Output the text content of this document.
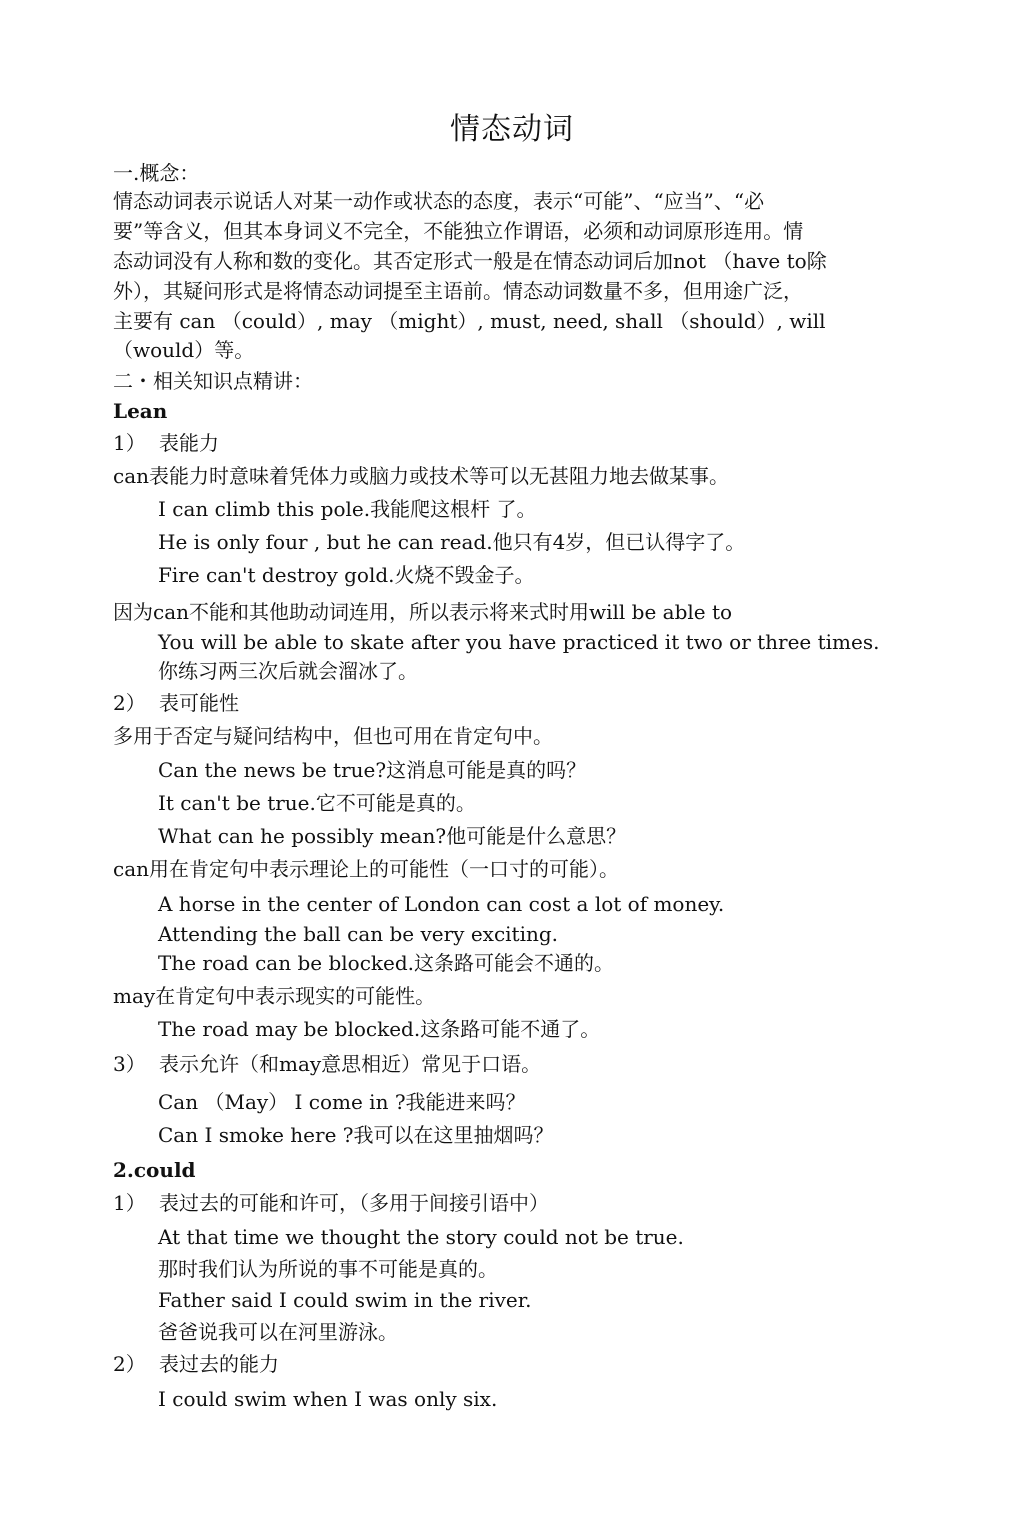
情态动词
一.概念：
情态动词表示说话人对某一动作或状态的态度，表示“可能”、“应当”、“必
要”等含义，但其本身词义不完全，不能独立作谓语，必须和动词原形连用。情
态动词没有人称和数的变化。其否定形式一般是在情态动词后加not （have to除
外），其疑问形式是将情态动词提至主语前。情态动词数量不多，但用途广泛，
主要有 can （could）, may （might）, must, need, shall （should）, will
（would）等。
二・相关知识点精讲：
Lean
1） 表能力
can表能力时意味着凭体力或脑力或技术等可以无甚阻力地去做某事。
I can climb this pole.我能爬这根杆 了。
He is only four , but he can read.他只有4岁，但已认得字了。
Fire can't destroy gold.火烧不毁金子。
因为can不能和其他助动词连用，所以表示将来式时用will be able to
You will be able to skate after you have practiced it two or three times.
你练习两三次后就会溜冰了。
2） 表可能性
多用于否定与疑问结构中，但也可用在肯定句中。
Can the news be true?这消息可能是真的吗？
It can't be true.它不可能是真的。
What can he possibly mean?他可能是什么意思？
can用在肯定句中表示理论上的可能性（一口寸的可能）。
A horse in the center of London can cost a lot of money.
Attending the ball can be very exciting.
The road can be blocked.这条路可能会不通的。
may在肯定句中表示现实的可能性。
The road may be blocked.这条路可能不通了。
3） 表示允许（和may意思相近）常见于口语。
Can （May） I come in ?我能进来吗？
Can I smoke here ?我可以在这里抽烟吗？
2.could
1） 表过去的可能和许可，（多用于间接引语中）
At that time we thought the story could not be true.
那时我们认为所说的事不可能是真的。
Father said I could swim in the river.
爸爸说我可以在河里游泳。
2） 表过去的能力
I could swim when I was only six.
